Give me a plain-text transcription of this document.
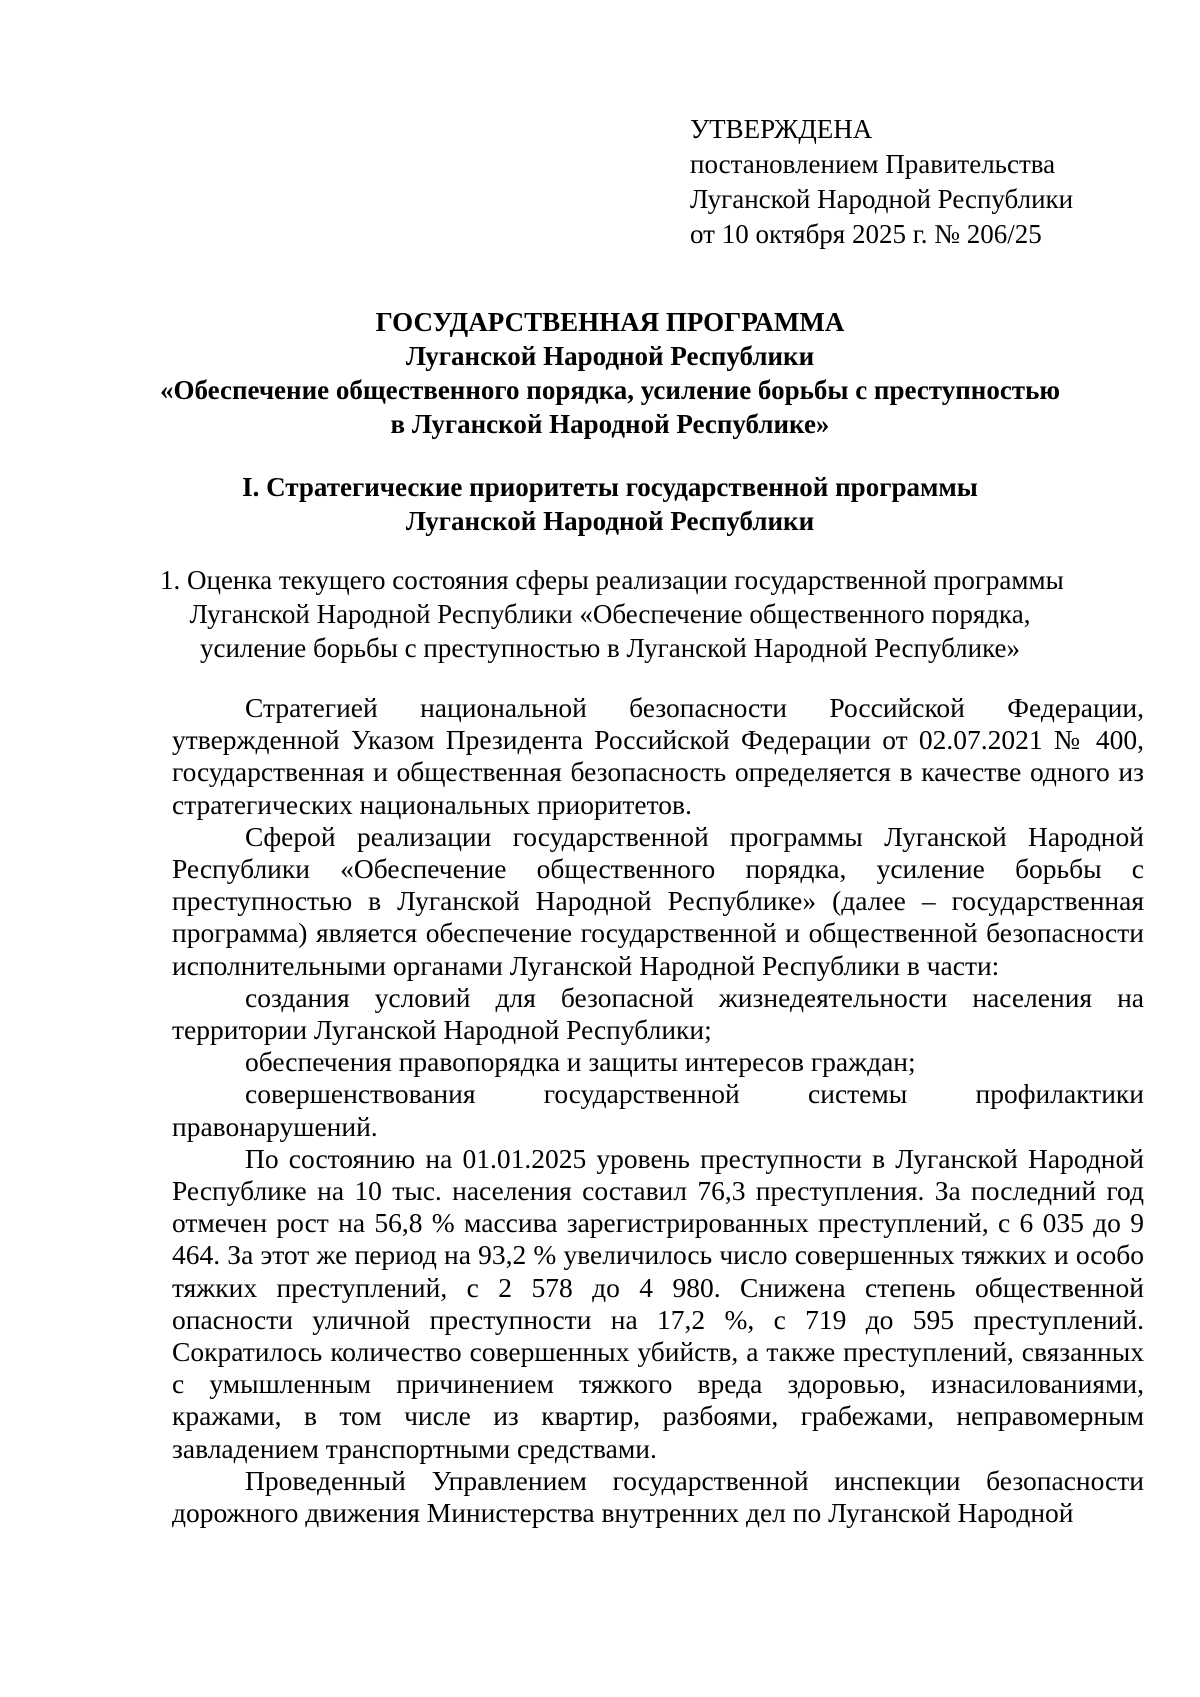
УТВЕРЖДЕНА
постановлением Правительства
Луганской Народной Республики
от 10 октября 2025 г. № 206/25
ГОСУДАРСТВЕННАЯ ПРОГРАММА
Луганской Народной Республики
«Обеспечение общественного порядка, усиление борьбы с преступностью
в Луганской Народной Республике»
I. Стратегические приоритеты государственной программы
Луганской Народной Республики
1. Оценка текущего состояния сферы реализации государственной программы
Луганской Народной Республики «Обеспечение общественного порядка,
усиление борьбы с преступностью в Луганской Народной Республике»

Стратегией национальной безопасности Российской Федерации, утвержденной Указом Президента Российской Федерации от 02.07.2021 № 400, государственная и общественная безопасность определяется в качестве одного из стратегических национальных приоритетов.

Сферой реализации государственной программы Луганской Народной Республики «Обеспечение общественного порядка, усиление борьбы с преступностью в Луганской Народной Республике» (далее – государственная программа) является обеспечение государственной и общественной безопасности исполнительными органами Луганской Народной Республики в части:

создания условий для безопасной жизнедеятельности населения на территории Луганской Народной Республики;

обеспечения правопорядка и защиты интересов граждан;

совершенствования государственной системы профилактики правонарушений.

По состоянию на 01.01.2025 уровень преступности в Луганской Народной Республике на 10 тыс. населения составил 76,3 преступления. За последний год отмечен рост на 56,8 % массива зарегистрированных преступлений, с 6 035 до 9 464. За этот же период на 93,2 % увеличилось число совершенных тяжких и особо тяжких преступлений, с 2 578 до 4 980. Снижена степень общественной опасности уличной преступности на 17,2 %, с 719 до 595 преступлений. Сократилось количество совершенных убийств, а также преступлений, связанных с умышленным причинением тяжкого вреда здоровью, изнасилованиями, кражами, в том числе из квартир, разбоями, грабежами, неправомерным завладением транспортными средствами.

Проведенный Управлением государственной инспекции безопасности дорожного движения Министерства внутренних дел по Луганской Народной
